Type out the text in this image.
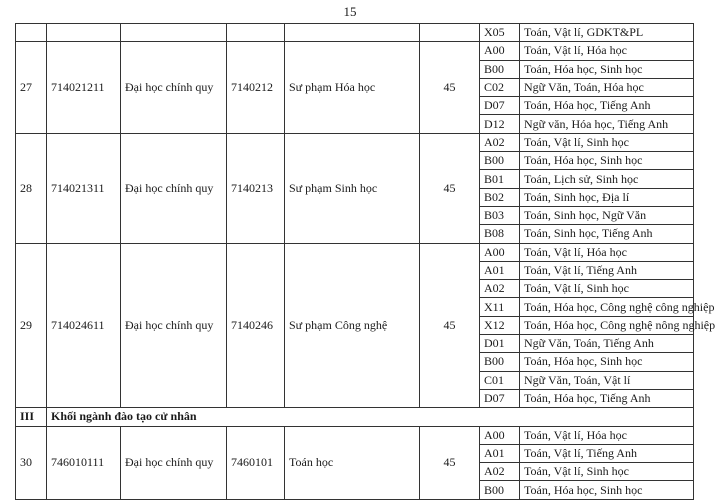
15
						X05	Toán, Vật lí, GDKT&PL
27	714021211	Đại học chính quy	7140212	Sư phạm Hóa học	45	A00	Toán, Vật lí, Hóa học
						B00	Toán, Hóa học, Sinh học
						C02	Ngữ Văn, Toán, Hóa học
						D07	Toán, Hóa học, Tiếng Anh
						D12	Ngữ văn, Hóa học, Tiếng Anh
28	714021311	Đại học chính quy	7140213	Sư phạm Sinh học	45	A02	Toán, Vật lí, Sinh học
						B00	Toán, Hóa học, Sinh học
						B01	Toán, Lịch sử, Sinh học
						B02	Toán, Sinh học, Địa lí
						B03	Toán, Sinh học, Ngữ Văn
						B08	Toán, Sinh học, Tiếng Anh
29	714024611	Đại học chính quy	7140246	Sư phạm Công nghệ	45	A00	Toán, Vật lí, Hóa học
						A01	Toán, Vật lí, Tiếng Anh
						A02	Toán, Vật lí, Sinh học
						X11	Toán, Hóa học, Công nghệ công nghiệp
						X12	Toán, Hóa học, Công nghệ nông nghiệp
						D01	Ngữ Văn, Toán, Tiếng Anh
						B00	Toán, Hóa học, Sinh học
						C01	Ngữ Văn, Toán, Vật lí
						D07	Toán, Hóa học, Tiếng Anh
III	Khối ngành đào tạo cử nhân						
30	746010111	Đại học chính quy	7460101	Toán học	45	A00	Toán, Vật lí, Hóa học
						A01	Toán, Vật lí, Tiếng Anh
						A02	Toán, Vật lí, Sinh học
						B00	Toán, Hóa học, Sinh học
